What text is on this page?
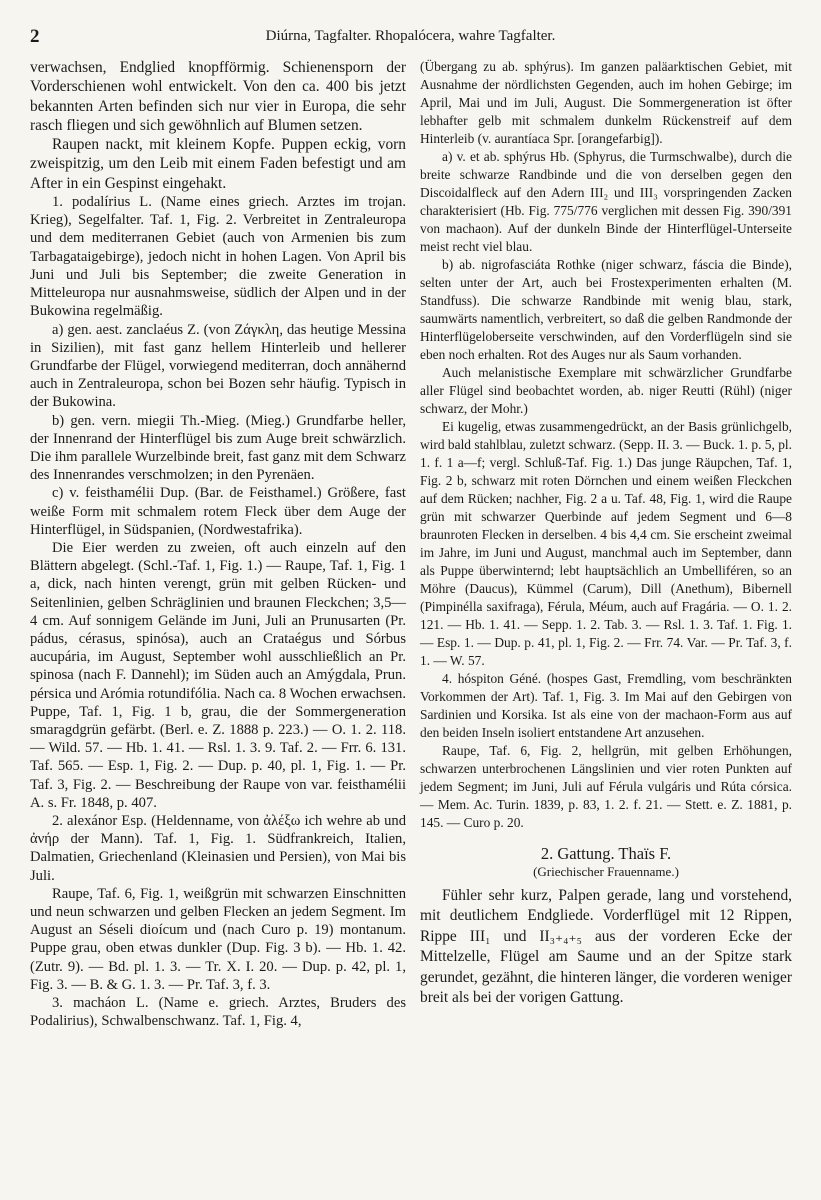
2	Diúrna, Tagfalter. Rhopalócera, wahre Tagfalter.

verwachsen, Endglied knopfförmig. Schienensporn der Vorderschienen wohl entwickelt. Von den ca. 400 bis jetzt bekannten Arten befinden sich nur vier in Europa, die sehr rasch fliegen und sich gewöhnlich auf Blumen setzen.

Raupen nackt, mit kleinem Kopfe. Puppen eckig, vorn zweispitzig, um den Leib mit einem Faden befestigt und am After in ein Gespinst eingehakt.

1. podalírius L. (Name eines griech. Arztes im trojan. Krieg), Segelfalter. Taf. 1, Fig. 2. Verbreitet in Zentraleuropa und dem mediterranen Gebiet (auch von Armenien bis zum Tarbagataigebirge), jedoch nicht in hohen Lagen. Von April bis Juni und Juli bis September; die zweite Generation in Mitteleuropa nur ausnahmsweise, südlich der Alpen und in der Bukowina regelmäßig.

a) gen. aest. zanclaéus Z. (von Ζάγκλη, das heutige Messina in Sizilien), mit fast ganz hellem Hinterleib und hellerer Grundfarbe der Flügel, vorwiegend mediterran, doch annähernd auch in Zentraleuropa, schon bei Bozen sehr häufig. Typisch in der Bukowina.

b) gen. vern. miegii Th.-Mieg. (Mieg.) Grundfarbe heller, der Innenrand der Hinterflügel bis zum Auge breit schwärzlich. Die ihm parallele Wurzelbinde breit, fast ganz mit dem Schwarz des Innenrandes verschmolzen; in den Pyrenäen.

c) v. feisthamélii Dup. (Bar. de Feisthamel.) Größere, fast weiße Form mit schmalem rotem Fleck über dem Auge der Hinterflügel, in Südspanien, (Nordwestafrika).

Die Eier werden zu zweien, oft auch einzeln auf den Blättern abgelegt. (Schl.-Taf. 1, Fig. 1.) — Raupe, Taf. 1, Fig. 1 a, dick, nach hinten verengt, grün mit gelben Rücken- und Seitenlinien, gelben Schräglinien und braunen Fleckchen; 3,5—4 cm. Auf sonnigem Gelände im Juni, Juli an Prunusarten (Pr. pádus, cérasus, spinósa), auch an Crataégus und Sórbus aucupária, im August, September wohl ausschließlich an Pr. spinosa (nach F. Dannehl); im Süden auch an Amýgdala, Prun. pérsica und Arómia rotundifólia. Nach ca. 8 Wochen erwachsen. Puppe, Taf. 1, Fig. 1 b, grau, die der Sommergeneration smaragdgrün gefärbt. (Berl. e. Z. 1888 p. 223.) — O. 1. 2. 118. — Wild. 57. — Hb. 1. 41. — Rsl. 1. 3. 9. Taf. 2. — Frr. 6. 131. Taf. 565. — Esp. 1, Fig. 2. — Dup. p. 40, pl. 1, Fig. 1. — Pr. Taf. 3, Fig. 2. — Beschreibung der Raupe von var. feisthamélii A. s. Fr. 1848, p. 407.

2. alexánor Esp. (Heldenname, von ἀλέξω ich wehre ab und ἀνήρ der Mann). Taf. 1, Fig. 1. Südfrankreich, Italien, Dalmatien, Griechenland (Kleinasien und Persien), von Mai bis Juli.

Raupe, Taf. 6, Fig. 1, weißgrün mit schwarzen Einschnitten und neun schwarzen und gelben Flecken an jedem Segment. Im August an Séseli dioícum und (nach Curo p. 19) montanum. Puppe grau, oben etwas dunkler (Dup. Fig. 3 b). — Hb. 1. 42. (Zutr. 9). — Bd. pl. 1. 3. — Tr. X. I. 20. — Dup. p. 42, pl. 1, Fig. 3. — B. & G. 1. 3. — Pr. Taf. 3, f. 3.

3. macháon L. (Name e. griech. Arztes, Bruders des Podalirius), Schwalbenschwanz. Taf. 1, Fig. 4,

(Übergang zu ab. sphýrus). Im ganzen paläarktischen Gebiet, mit Ausnahme der nördlichsten Gegenden, auch im hohen Gebirge; im April, Mai und im Juli, August. Die Sommergeneration ist öfter lebhafter gelb mit schmalem dunkelm Rückenstreif auf dem Hinterleib (v. aurantíaca Spr. [orangefarbig]).

a) v. et ab. sphýrus Hb. (Sphyrus, die Turmschwalbe), durch die breite schwarze Randbinde und die von derselben gegen den Discoidalfleck auf den Adern III₂ und III₃ vorspringenden Zacken charakterisiert (Hb. Fig. 775/776 verglichen mit dessen Fig. 390/391 von machaon). Auf der dunkeln Binde der Hinterflügel-Unterseite meist recht viel blau.

b) ab. nigrofasciáta Rothke (niger schwarz, fáscia die Binde), selten unter der Art, auch bei Frostexperimenten erhalten (M. Standfuss). Die schwarze Randbinde mit wenig blau, stark, saumwärts namentlich, verbreitert, so daß die gelben Randmonde der Hinterflügeloberseite verschwinden, auf den Vorderflügeln sind sie eben noch erhalten. Rot des Auges nur als Saum vorhanden.

Auch melanistische Exemplare mit schwärzlicher Grundfarbe aller Flügel sind beobachtet worden, ab. niger Reutti (Rühl) (niger schwarz, der Mohr.)

Ei kugelig, etwas zusammengedrückt, an der Basis grünlichgelb, wird bald stahlblau, zuletzt schwarz. (Sepp. II. 3. — Buck. 1. p. 5, pl. 1. f. 1 a—f; vergl. Schluß-Taf. Fig. 1.) Das junge Räupchen, Taf. 1, Fig. 2 b, schwarz mit roten Dörnchen und einem weißen Fleckchen auf dem Rücken; nachher, Fig. 2 a u. Taf. 48, Fig. 1, wird die Raupe grün mit schwarzer Querbinde auf jedem Segment und 6—8 braunroten Flecken in derselben. 4 bis 4,4 cm. Sie erscheint zweimal im Jahre, im Juni und August, manchmal auch im September, dann als Puppe überwinternd; lebt hauptsächlich an Umbelliféren, so an Möhre (Daucus), Kümmel (Carum), Dill (Anethum), Bibernell (Pimpinélla saxifraga), Férula, Méum, auch auf Fragária. — O. 1. 2. 121. — Hb. 1. 41. — Sepp. 1. 2. Tab. 3. — Rsl. 1. 3. Taf. 1. Fig. 1. — Esp. 1. — Dup. p. 41, pl. 1, Fig. 2. — Frr. 74. Var. — Pr. Taf. 3, f. 1. — W. 57.

4. hóspiton Géné. (hospes Gast, Fremdling, vom beschränkten Vorkommen der Art). Taf. 1, Fig. 3. Im Mai auf den Gebirgen von Sardinien und Korsika. Ist als eine von der machaon-Form aus auf den beiden Inseln isoliert entstandene Art anzusehen.

Raupe, Taf. 6, Fig. 2, hellgrün, mit gelben Erhöhungen, schwarzen unterbrochenen Längslinien und vier roten Punkten auf jedem Segment; im Juni, Juli auf Férula vulgáris und Rúta córsica. — Mem. Ac. Turin. 1839, p. 83, 1. 2. f. 21. — Stett. e. Z. 1881, p. 145. — Curo p. 20.

2. Gattung. Thaïs F.

(Griechischer Frauenname.)

Fühler sehr kurz, Palpen gerade, lang und vorstehend, mit deutlichem Endgliede. Vorderflügel mit 12 Rippen, Rippe III₁ und II₃₊₄₊₅ aus der vorderen Ecke der Mittelzelle, Flügel am Saume und an der Spitze stark gerundet, gezähnt, die hinteren länger, die vorderen weniger breit als bei der vorigen Gattung.
